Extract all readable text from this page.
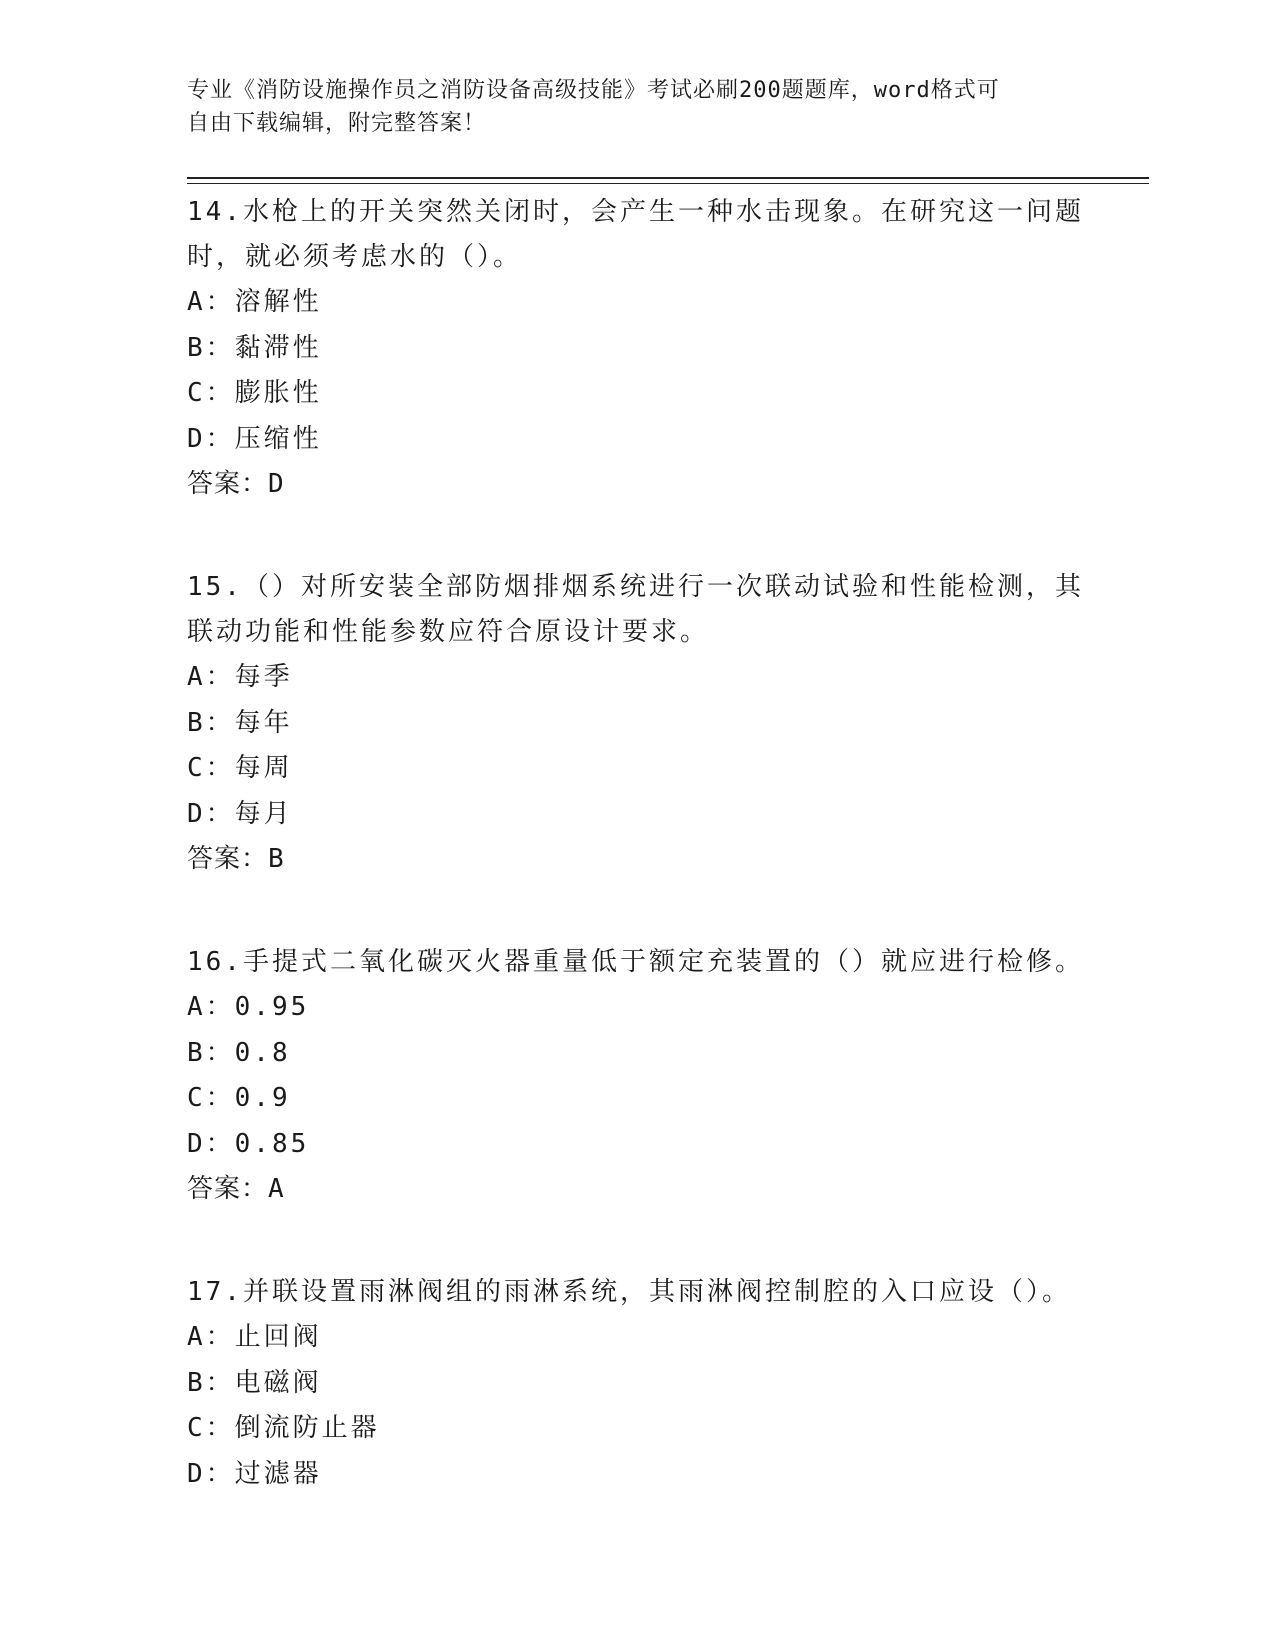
专业《消防设施操作员之消防设备高级技能》考试必刷200题题库，word格式可
自由下载编辑，附完整答案！
14.水枪上的开关突然关闭时，会产生一种水击现象。在研究这一问题
时，就必须考虑水的（）。
A：溶解性
B：黏滞性
C：膨胀性
D：压缩性
答案：D
15.（）对所安装全部防烟排烟系统进行一次联动试验和性能检测，其
联动功能和性能参数应符合原设计要求。
A：每季
B：每年
C：每周
D：每月
答案：B
16.手提式二氧化碳灭火器重量低于额定充装置的（）就应进行检修。
A：0.95
B：0.8
C：0.9
D：0.85
答案：A
17.并联设置雨淋阀组的雨淋系统，其雨淋阀控制腔的入口应设（）。
A：止回阀
B：电磁阀
C：倒流防止器
D：过滤器
